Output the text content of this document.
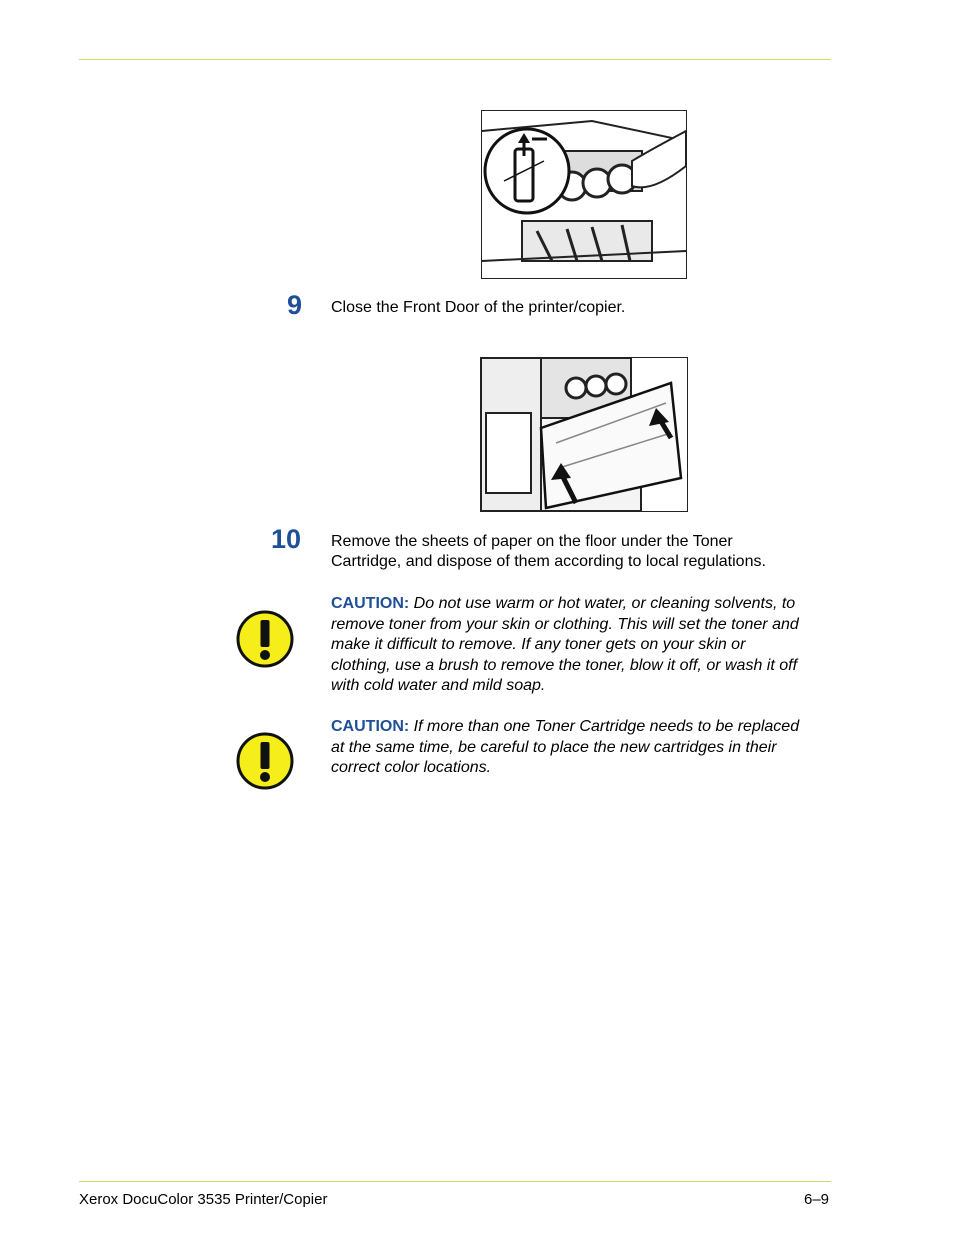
9 Close the Front Door of the printer/copier.
10 Remove the sheets of paper on the floor under the Toner
Cartridge, and dispose of them according to local regulations.
CAUTION: Do not use warm or hot water, or cleaning solvents, to
remove toner from your skin or clothing. This will set the toner and
make it difficult to remove. If any toner gets on your skin or
clothing, use a brush to remove the toner, blow it off, or wash it off
with cold water and mild soap.
CAUTION: If more than one Toner Cartridge needs to be replaced
at the same time, be careful to place the new cartridges in their
correct color locations.
Xerox DocuColor 3535 Printer/Copier	6–9
